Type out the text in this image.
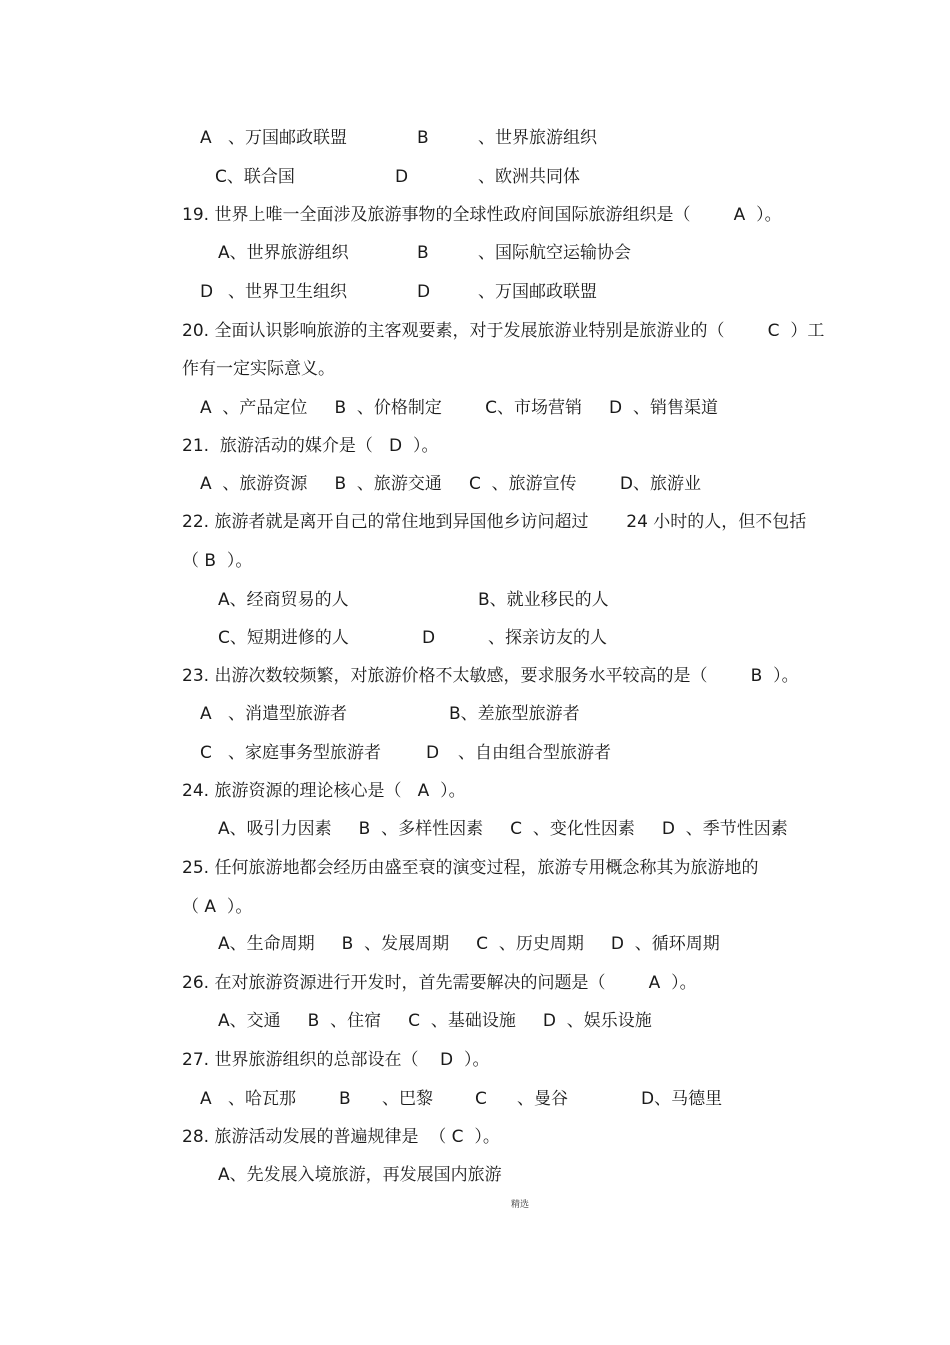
A 、万国邮政联盟	B	、世界旅游组织
C、联合国	D	、欧洲共同体
19. 世界上唯一全面涉及旅游事物的全球性政府间国际旅游组织是（        A  ）。
A、世界旅游组织	B	、国际航空运输协会
D 、世界卫生组织	D	、万国邮政联盟
20. 全面认识影响旅游的主客观要素，对于发展旅游业特别是旅游业的（        C  ）工
作有一定实际意义。
A  、产品定位     B  、价格制定        C、市场营销     D  、销售渠道
21.  旅游活动的媒介是（   D  ）。
A  、旅游资源     B  、旅游交通     C  、旅游宣传        D、旅游业
22. 旅游者就是离开自己的常住地到异国他乡访问超过       24 小时的人，但不包括
（ B  ）。
A、经商贸易的人	B、就业移民的人
C、短期进修的人	D	、探亲访友的人
23. 出游次数较频繁，对旅游价格不太敏感，要求服务水平较高的是（        B  ）。
A 、消遣型旅游者	B、差旅型旅游者
C 、家庭事务型旅游者	D 、自由组合型旅游者
24. 旅游资源的理论核心是（   A  ）。
A、吸引力因素     B  、多样性因素     C  、变化性因素     D  、季节性因素
25. 任何旅游地都会经历由盛至衰的演变过程，旅游专用概念称其为旅游地的
（ A  ）。
A、生命周期     B  、发展周期     C  、历史周期     D  、循环周期
26. 在对旅游资源进行开发时，首先需要解决的问题是（        A  ）。
A、交通     B  、住宿     C  、基础设施     D  、娱乐设施
27. 世界旅游组织的总部设在（    D  ）。
A 、哈瓦那	B 、巴黎 C 、曼谷	D、马德里
28. 旅游活动发展的普遍规律是  （ C  ）。
A、先发展入境旅游，再发展国内旅游
精选
